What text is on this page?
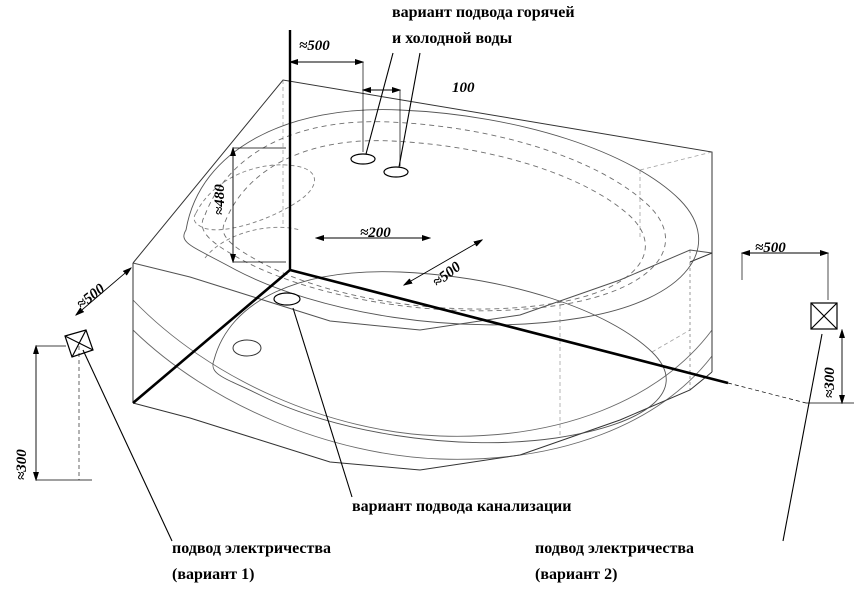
вариант подвода горячей
и холодной воды
вариант подвода канализации
подвод электричества
(вариант 1)
подвод электричества
(вариант 2)
≈500
100
≈480
≈200
≈500
≈500
≈300
≈500
≈300
